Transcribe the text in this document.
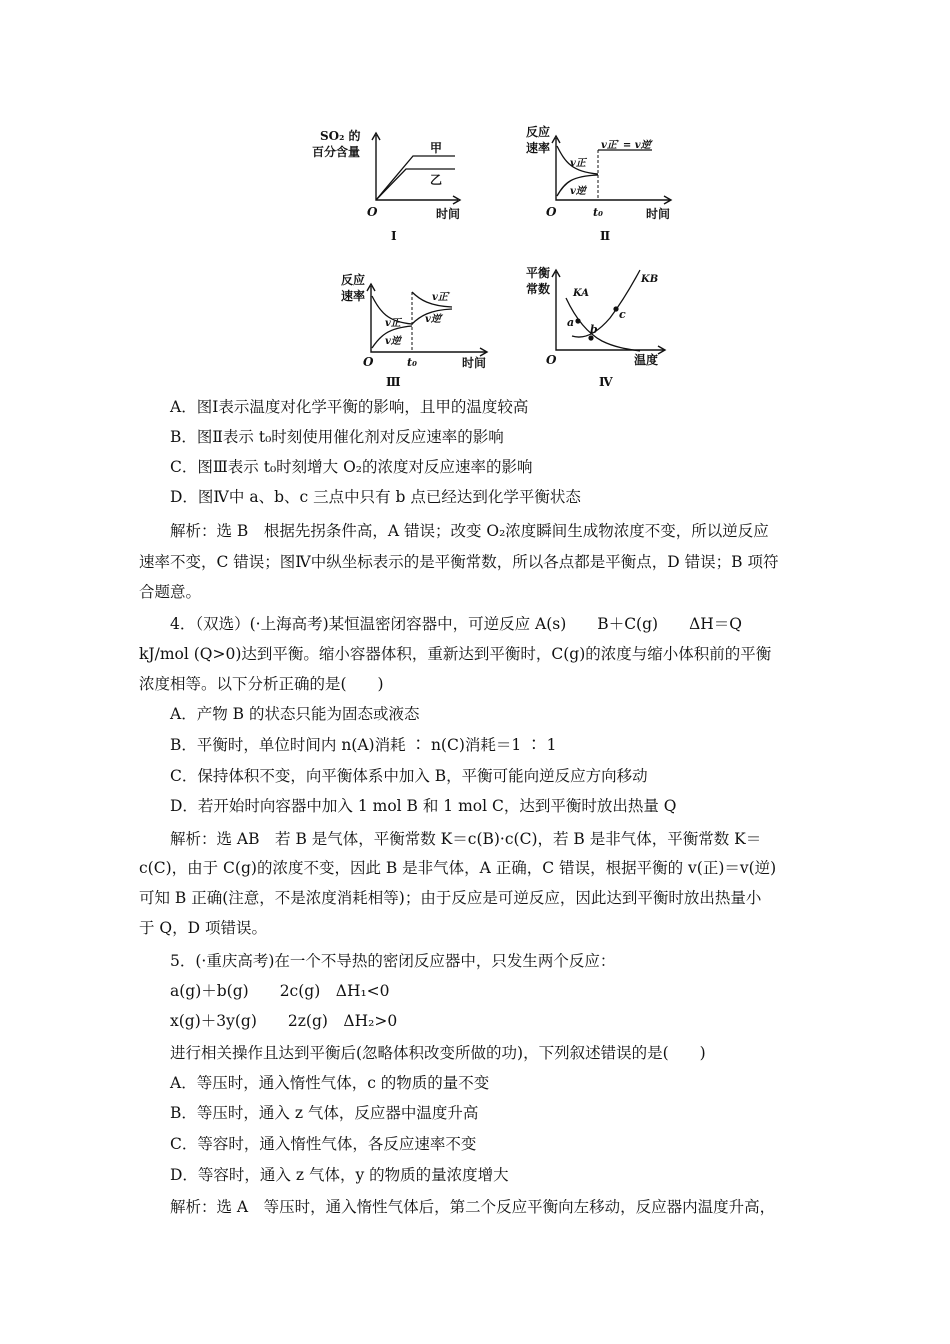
SO₂ 的
百分含量	甲
乙
O	时间
Ⅰ
反应
速率	v正′ = v逆′
v正
v逆
O	t₀	时间
Ⅱ
反应
速率	v正′
v逆′
v正
v逆
O	t₀	时间
Ⅲ
平衡
常数
a
b
c
KA
KB
O	温度
Ⅳ
A．图Ⅰ表示温度对化学平衡的影响，且甲的温度较高
B．图Ⅱ表示 t₀时刻使用催化剂对反应速率的影响
C．图Ⅲ表示 t₀时刻增大 O₂的浓度对反应速率的影响
D．图Ⅳ中 a、b、c 三点中只有 b 点已经达到化学平衡状态
解析：选 B　根据先拐条件高，A 错误；改变 O₂浓度瞬间生成物浓度不变，所以逆反应
速率不变，C 错误；图Ⅳ中纵坐标表示的是平衡常数，所以各点都是平衡点，D 错误；B 项符
合题意。
4．（双选）(·上海高考)某恒温密闭容器中，可逆反应 A(s)　　B＋C(g)　　ΔH＝Q
kJ/mol (Q>0)达到平衡。缩小容器体积，重新达到平衡时，C(g)的浓度与缩小体积前的平衡
浓度相等。以下分析正确的是(　　)
A．产物 B 的状态只能为固态或液态
B．平衡时，单位时间内 n(A)消耗 ∶ n(C)消耗＝1 ∶ 1
C．保持体积不变，向平衡体系中加入 B，平衡可能向逆反应方向移动
D．若开始时向容器中加入 1 mol B 和 1 mol C，达到平衡时放出热量 Q
解析：选 AB　若 B 是气体，平衡常数 K＝c(B)·c(C)，若 B 是非气体，平衡常数 K＝
c(C)，由于 C(g)的浓度不变，因此 B 是非气体，A 正确，C 错误，根据平衡的 v(正)＝v(逆)
可知 B 正确(注意，不是浓度消耗相等)；由于反应是可逆反应，因此达到平衡时放出热量小
于 Q，D 项错误。
5．(·重庆高考)在一个不导热的密闭反应器中，只发生两个反应：
a(g)＋b(g)　　2c(g)　ΔH₁<0
x(g)＋3y(g)　　2z(g)　ΔH₂>0
进行相关操作且达到平衡后(忽略体积改变所做的功)，下列叙述错误的是(　　)
A．等压时，通入惰性气体，c 的物质的量不变
B．等压时，通入 z 气体，反应器中温度升高
C．等容时，通入惰性气体，各反应速率不变
D．等容时，通入 z 气体，y 的物质的量浓度增大
解析：选 A　等压时，通入惰性气体后，第二个反应平衡向左移动，反应器内温度升高，
